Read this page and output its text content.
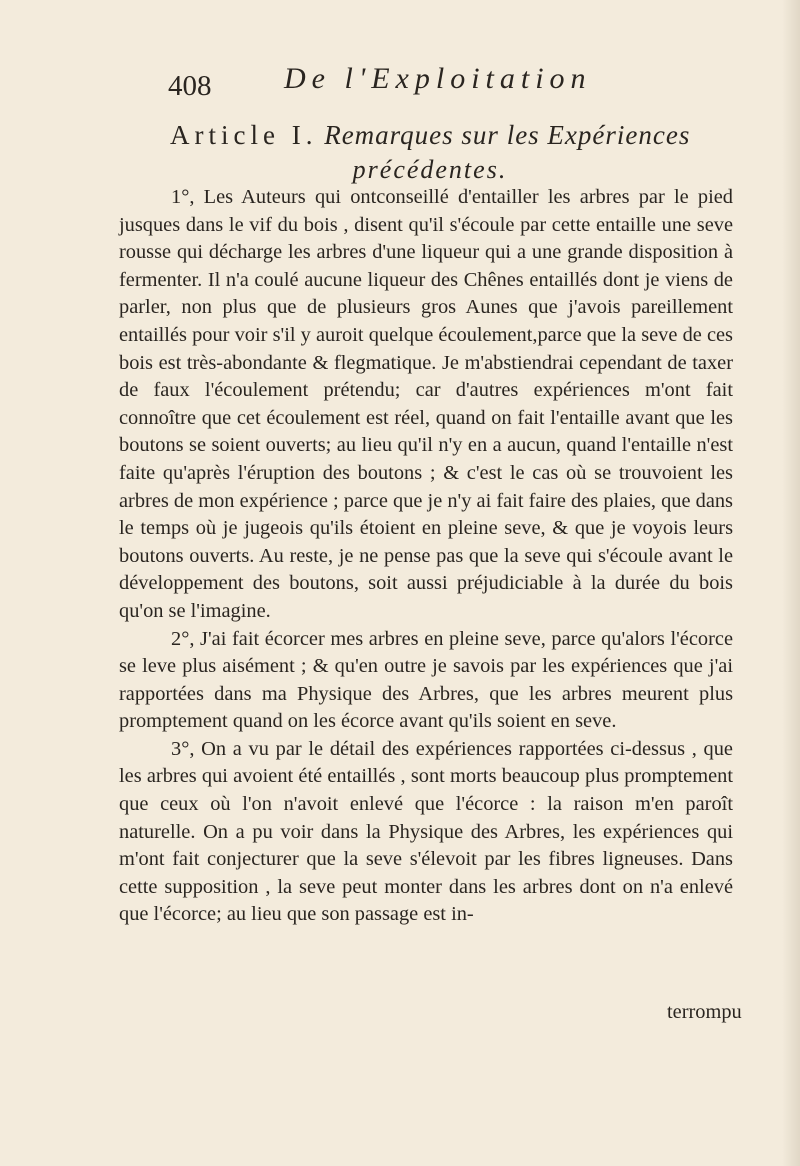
408 De l'Exploitation
Article I. Remarques sur les Expériences
précédentes.

1°, Les Auteurs qui ontconseillé d'entailler les arbres par le pied jusques dans le vif du bois , disent qu'il s'écoule par cette entaille une seve rousse qui décharge les arbres d'une liqueur qui a une grande disposition à fermenter. Il n'a coulé aucune liqueur des Chênes entaillés dont je viens de parler, non plus que de plusieurs gros Aunes que j'avois pareillement entaillés pour voir s'il y auroit quelque écoulement,parce que la seve de ces bois est très-abondante & flegmatique. Je m'abstiendrai cependant de taxer de faux l'écoulement prétendu; car d'autres expériences m'ont fait connoître que cet écoulement est réel, quand on fait l'entaille avant que les boutons se soient ouverts; au lieu qu'il n'y en a aucun, quand l'entaille n'est faite qu'après l'éruption des boutons ; & c'est le cas où se trouvoient les arbres de mon expérience ; parce que je n'y ai fait faire des plaies, que dans le temps où je jugeois qu'ils étoient en pleine seve, & que je voyois leurs boutons ouverts. Au reste, je ne pense pas que la seve qui s'écoule avant le développement des boutons, soit aussi préjudiciable à la durée du bois qu'on se l'imagine.

2°, J'ai fait écorcer mes arbres en pleine seve, parce qu'alors l'écorce se leve plus aisément ; & qu'en outre je savois par les expériences que j'ai rapportées dans ma Physique des Arbres, que les arbres meurent plus promptement quand on les écorce avant qu'ils soient en seve.

3°, On a vu par le détail des expériences rapportées ci-dessus , que les arbres qui avoient été entaillés , sont morts beaucoup plus promptement que ceux où l'on n'avoit enlevé que l'écorce : la raison m'en paroît naturelle. On a pu voir dans la Physique des Arbres, les expériences qui m'ont fait conjecturer que la seve s'élevoit par les fibres ligneuses. Dans cette supposition , la seve peut monter dans les arbres dont on n'a enlevé que l'écorce; au lieu que son passage est in-

terrompu
